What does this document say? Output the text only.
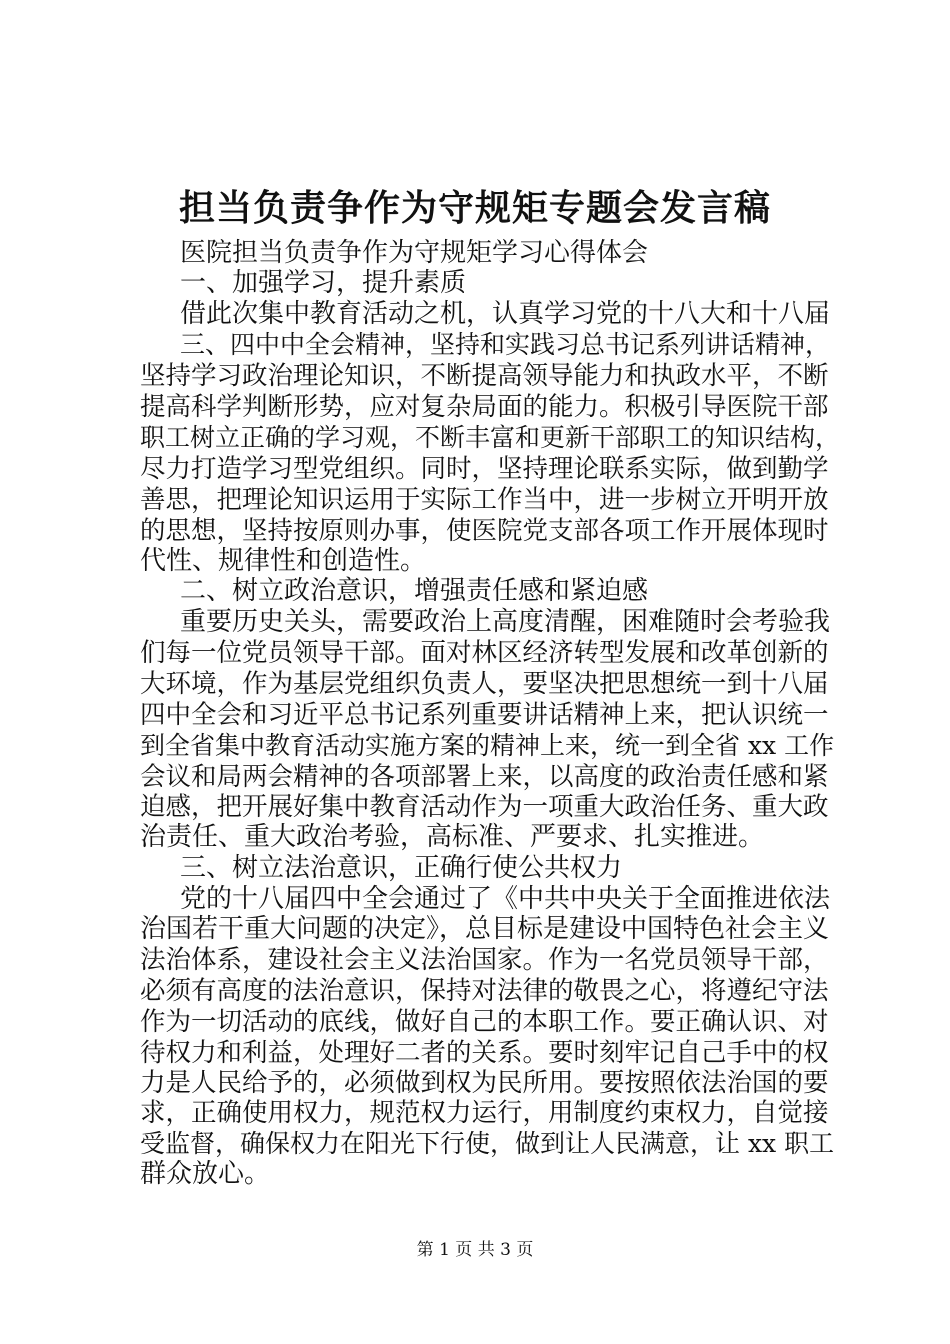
担当负责争作为守规矩专题会发言稿
医院担当负责争作为守规矩学习心得体会
一、加强学习，提升素质
借此次集中教育活动之机，认真学习党的十八大和十八届
三、四中中全会精神，坚持和实践习总书记系列讲话精神，
坚持学习政治理论知识，不断提高领导能力和执政水平，不断
提高科学判断形势，应对复杂局面的能力。积极引导医院干部
职工树立正确的学习观，不断丰富和更新干部职工的知识结构，
尽力打造学习型党组织。同时，坚持理论联系实际，做到勤学
善思，把理论知识运用于实际工作当中，进一步树立开明开放
的思想，坚持按原则办事，使医院党支部各项工作开展体现时
代性、规律性和创造性。
二、树立政治意识，增强责任感和紧迫感
重要历史关头，需要政治上高度清醒，困难随时会考验我
们每一位党员领导干部。面对林区经济转型发展和改革创新的
大环境，作为基层党组织负责人，要坚决把思想统一到十八届
四中全会和习近平总书记系列重要讲话精神上来，把认识统一
到全省集中教育活动实施方案的精神上来，统一到全省 xx 工作
会议和局两会精神的各项部署上来，以高度的政治责任感和紧
迫感，把开展好集中教育活动作为一项重大政治任务、重大政
治责任、重大政治考验，高标准、严要求、扎实推进。
三、树立法治意识，正确行使公共权力
党的十八届四中全会通过了《中共中央关于全面推进依法
治国若干重大问题的决定》，总目标是建设中国特色社会主义
法治体系，建设社会主义法治国家。作为一名党员领导干部，
必须有高度的法治意识，保持对法律的敬畏之心，将遵纪守法
作为一切活动的底线，做好自己的本职工作。要正确认识、对
待权力和利益，处理好二者的关系。要时刻牢记自己手中的权
力是人民给予的，必须做到权为民所用。要按照依法治国的要
求，正确使用权力，规范权力运行，用制度约束权力，自觉接
受监督，确保权力在阳光下行使，做到让人民满意，让 xx 职工
群众放心。
第 1 页 共 3 页
